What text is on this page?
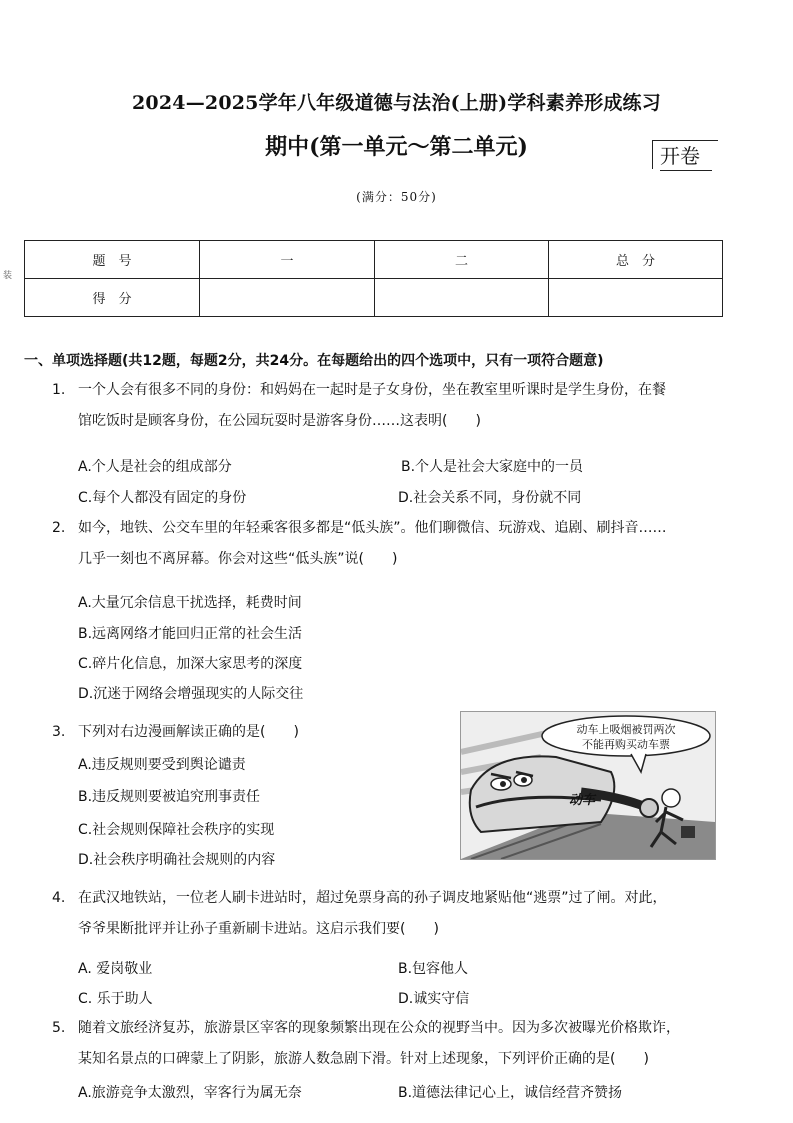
2024—2025学年八年级道德与法治(上册)学科素养形成练习
期中(第一单元～第二单元)	开卷
(满分：50分)
装
题　号	一	二	总　分
得　分			
一、单项选择题(共12题，每题2分，共24分。在每题给出的四个选项中，只有一项符合题意)
1. 一个人会有很多不同的身份：和妈妈在一起时是子女身份，坐在教室里听课时是学生身份，在餐
馆吃饭时是顾客身份，在公园玩耍时是游客身份……这表明(　　)
A.个人是社会的组成部分	B.个人是社会大家庭中的一员
C.每个人都没有固定的身份	D.社会关系不同，身份就不同
2. 如今，地铁、公交车里的年轻乘客很多都是“低头族”。他们聊微信、玩游戏、追剧、刷抖音……
几乎一刻也不离屏幕。你会对这些“低头族”说(　　)
A.大量冗余信息干扰选择，耗费时间
B.远离网络才能回归正常的社会生活
C.碎片化信息，加深大家思考的深度
D.沉迷于网络会增强现实的人际交往
3. 下列对右边漫画解读正确的是(　　)
A.违反规则要受到舆论谴责
B.违反规则要被追究刑事责任
C.社会规则保障社会秩序的实现
D.社会秩序明确社会规则的内容
动车上吸烟被罚两次
不能再购买动车票
动车
4. 在武汉地铁站，一位老人刷卡进站时，超过免票身高的孙子调皮地紧贴他“逃票”过了闸。对此，
爷爷果断批评并让孙子重新刷卡进站。这启示我们要(　　)
A. 爱岗敬业	B.包容他人
C. 乐于助人	D.诚实守信
5. 随着文旅经济复苏，旅游景区宰客的现象频繁出现在公众的视野当中。因为多次被曝光价格欺诈，
某知名景点的口碑蒙上了阴影，旅游人数急剧下滑。针对上述现象，下列评价正确的是(　　)
A.旅游竞争太激烈，宰客行为属无奈	B.道德法律记心上，诚信经营齐赞扬
